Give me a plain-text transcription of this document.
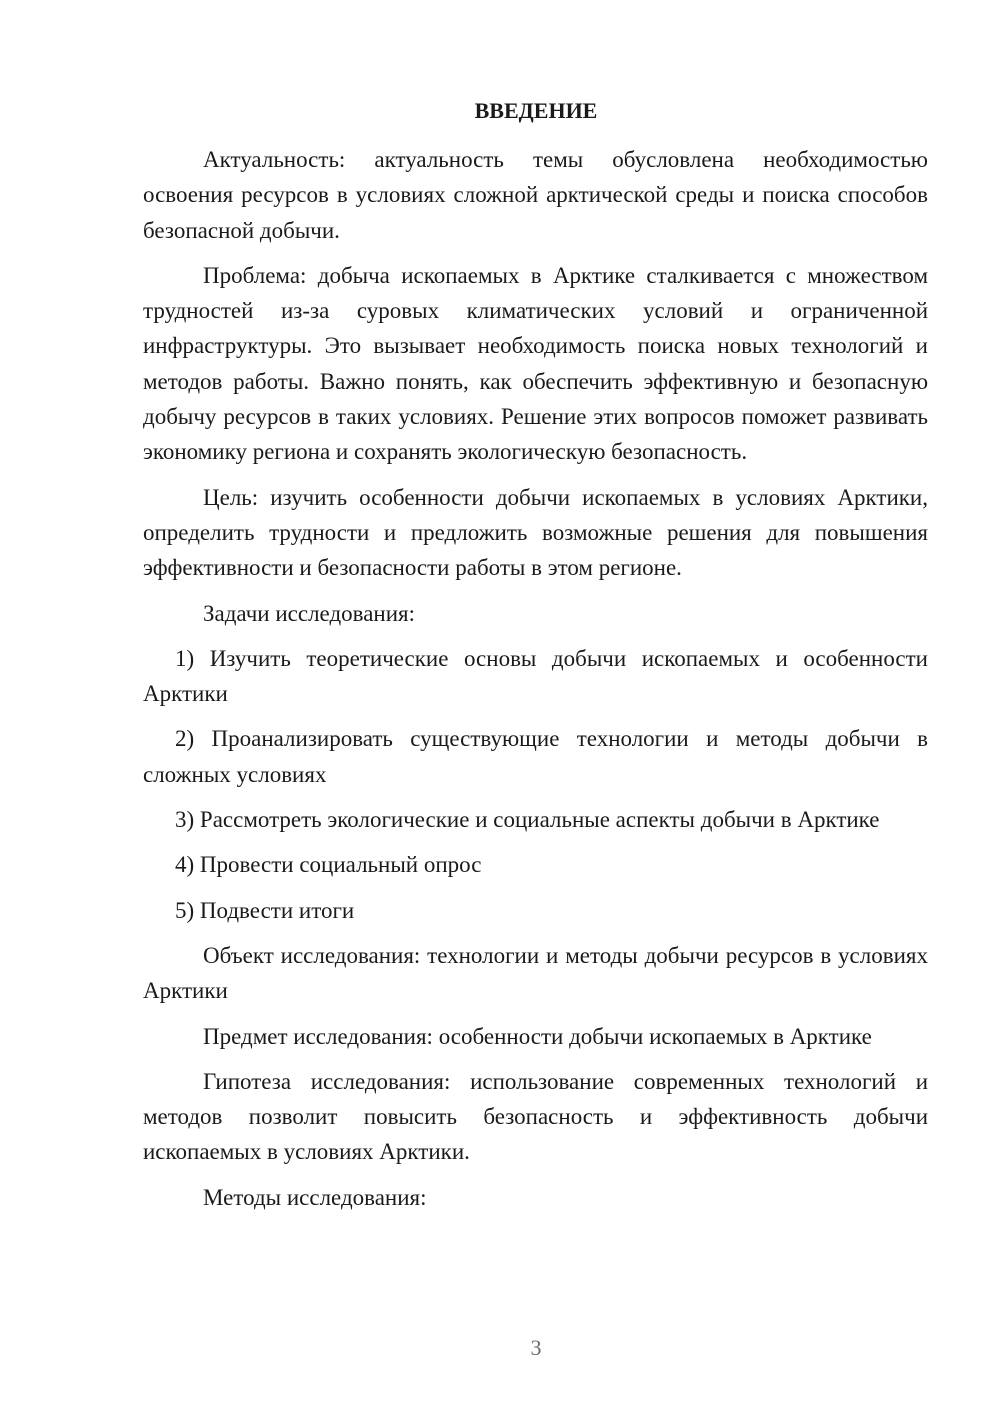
ВВЕДЕНИЕ

Актуальность: актуальность темы обусловлена необходимостью освоения ресурсов в условиях сложной арктической среды и поиска способов безопасной добычи.

Проблема: добыча ископаемых в Арктике сталкивается с множеством трудностей из-за суровых климатических условий и ограниченной инфраструктуры. Это вызывает необходимость поиска новых технологий и методов работы. Важно понять, как обеспечить эффективную и безопасную добычу ресурсов в таких условиях. Решение этих вопросов поможет развивать экономику региона и сохранять экологическую безопасность.

Цель: изучить особенности добычи ископаемых в условиях Арктики, определить трудности и предложить возможные решения для повышения эффективности и безопасности работы в этом регионе.

Задачи исследования:

1) Изучить теоретические основы добычи ископаемых и особенности Арктики

2) Проанализировать существующие технологии и методы добычи в сложных условиях

3) Рассмотреть экологические и социальные аспекты добычи в Арктике

4) Провести социальный опрос

5) Подвести итоги

Объект исследования: технологии и методы добычи ресурсов в условиях Арктики

Предмет исследования: особенности добычи ископаемых в Арктике

Гипотеза исследования: использование современных технологий и методов позволит повысить безопасность и эффективность добычи ископаемых в условиях Арктики.

Методы исследования:

3
